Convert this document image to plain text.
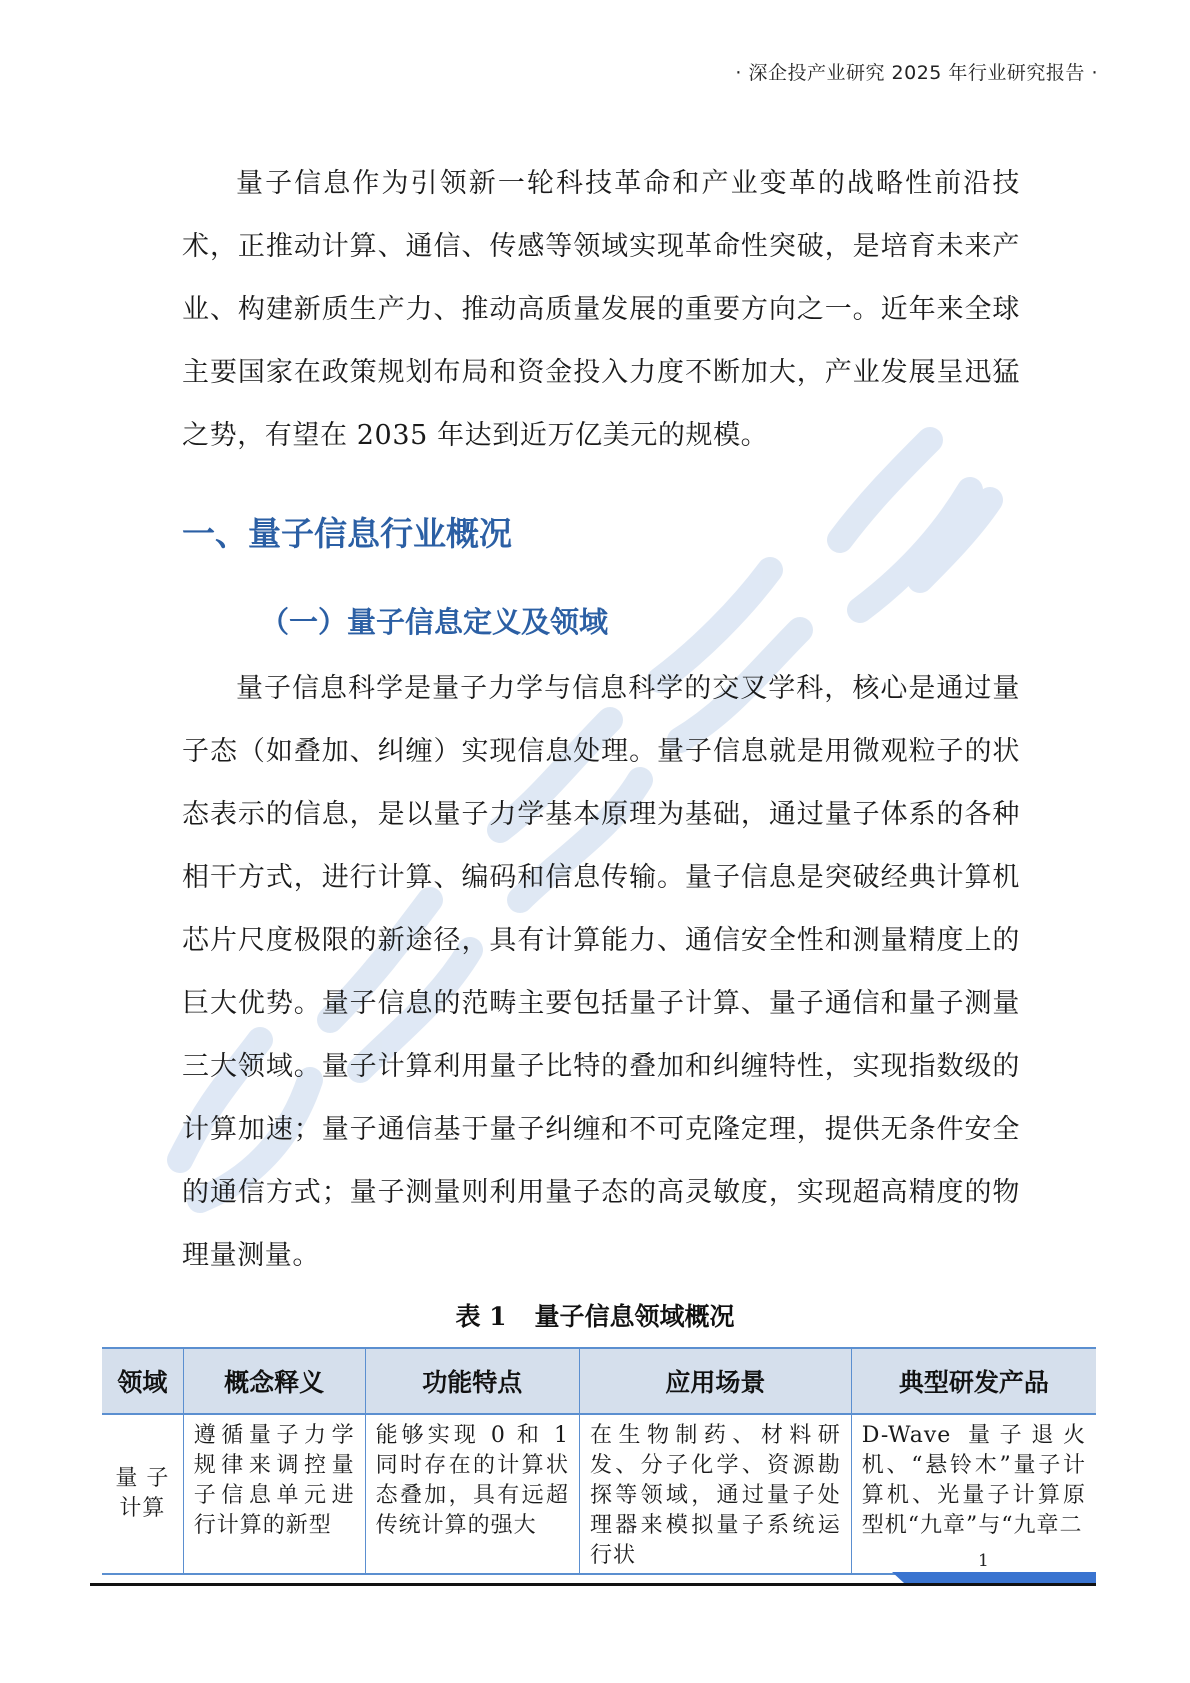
· 深企投产业研究 2025 年行业研究报告 ·

量子信息作为引领新一轮科技革命和产业变革的战略性前沿技术，正推动计算、通信、传感等领域实现革命性突破，是培育未来产业、构建新质生产力、推动高质量发展的重要方向之一。近年来全球主要国家在政策规划布局和资金投入力度不断加大，产业发展呈迅猛之势，有望在 2035 年达到近万亿美元的规模。

一、量子信息行业概况
（一）量子信息定义及领域

量子信息科学是量子力学与信息科学的交叉学科，核心是通过量子态（如叠加、纠缠）实现信息处理。量子信息就是用微观粒子的状态表示的信息，是以量子力学基本原理为基础，通过量子体系的各种相干方式，进行计算、编码和信息传输。量子信息是突破经典计算机芯片尺度极限的新途径，具有计算能力、通信安全性和测量精度上的巨大优势。量子信息的范畴主要包括量子计算、量子通信和量子测量三大领域。量子计算利用量子比特的叠加和纠缠特性，实现指数级的计算加速；量子通信基于量子纠缠和不可克隆定理，提供无条件安全的通信方式；量子测量则利用量子态的高灵敏度，实现超高精度的物理量测量。

表 1 量子信息领域概况
领域	概念释义	功能特点	应用场景	典型研发产品
量 子 计算	遵循量子力学规律来调控量子信息单元进行计算的新型	能够实现 0 和 1 同时存在的计算状态叠加，具有远超传统计算的强大	在生物制药、材料研发、分子化学、资源勘探等领域，通过量子处理器来模拟量子系统运行状	D-Wave 量子退火机、“悬铃木”量子计算机、光量子计算原型机“九章”与“九章二
1
